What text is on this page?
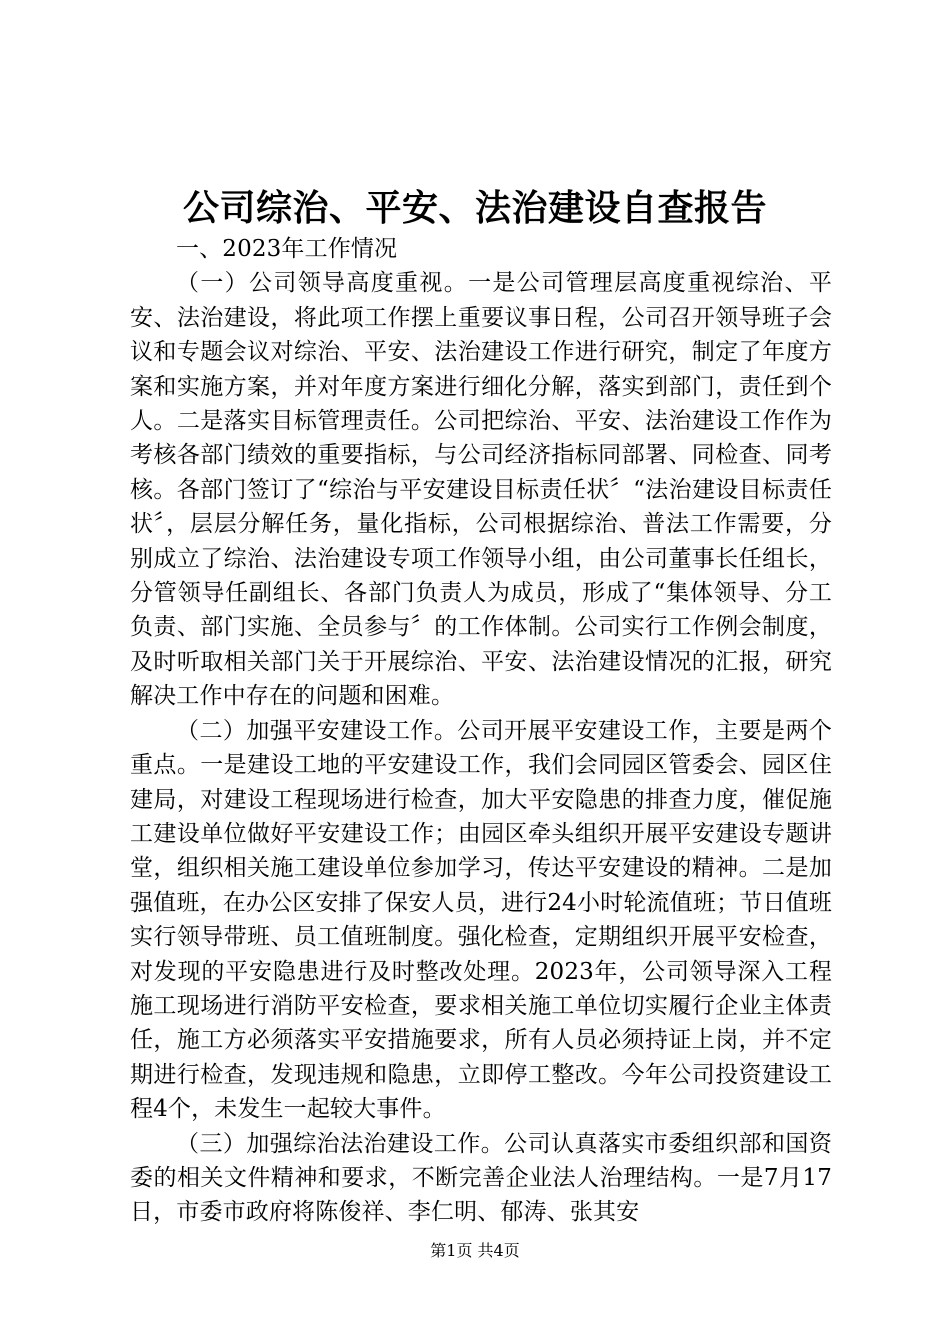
公司综治、平安、法治建设自查报告

一、2023年工作情况

（一）公司领导高度重视。一是公司管理层高度重视综治、平安、法治建设，将此项工作摆上重要议事日程，公司召开领导班子会议和专题会议对综治、平安、法治建设工作进行研究，制定了年度方案和实施方案，并对年度方案进行细化分解，落实到部门，责任到个人。二是落实目标管理责任。公司把综治、平安、法治建设工作作为考核各部门绩效的重要指标，与公司经济指标同部署、同检查、同考核。各部门签订了“综治与平安建设目标责任状〞“法治建设目标责任状〞，层层分解任务，量化指标，公司根据综治、普法工作需要，分别成立了综治、法治建设专项工作领导小组，由公司董事长任组长，分管领导任副组长、各部门负责人为成员，形成了“集体领导、分工负责、部门实施、全员参与〞的工作体制。公司实行工作例会制度，及时听取相关部门关于开展综治、平安、法治建设情况的汇报，研究解决工作中存在的问题和困难。

（二）加强平安建设工作。公司开展平安建设工作，主要是两个重点。一是建设工地的平安建设工作，我们会同园区管委会、园区住建局，对建设工程现场进行检查，加大平安隐患的排查力度，催促施工建设单位做好平安建设工作；由园区牵头组织开展平安建设专题讲堂，组织相关施工建设单位参加学习，传达平安建设的精神。二是加强值班，在办公区安排了保安人员，进行24小时轮流值班；节日值班实行领导带班、员工值班制度。强化检查，定期组织开展平安检查，对发现的平安隐患进行及时整改处理。2023年，公司领导深入工程施工现场进行消防平安检查，要求相关施工单位切实履行企业主体责任，施工方必须落实平安措施要求，所有人员必须持证上岗，并不定期进行检查，发现违规和隐患，立即停工整改。今年公司投资建设工程4个，未发生一起较大事件。

（三）加强综治法治建设工作。公司认真落实市委组织部和国资委的相关文件精神和要求，不断完善企业法人治理结构。一是7月17日，市委市政府将陈俊祥、李仁明、郁涛、张其安

第1页 共4页
